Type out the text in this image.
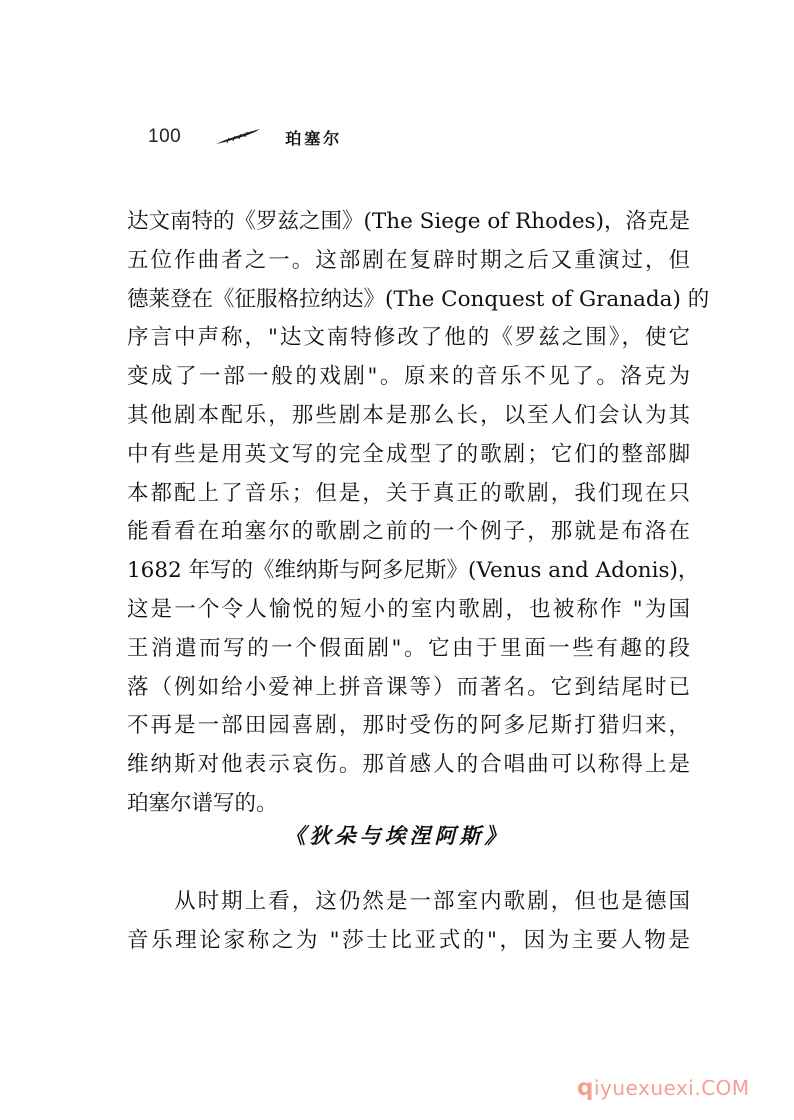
100	珀塞尔
达文南特的《罗兹之围》(The Siege of Rhodes)，洛克是
五位作曲者之一。这部剧在复辟时期之后又重演过，但
德莱登在《征服格拉纳达》(The Conquest of Granada) 的
序言中声称，"达文南特修改了他的《罗兹之围》，使它
变成了一部一般的戏剧"。原来的音乐不见了。洛克为
其他剧本配乐，那些剧本是那么长，以至人们会认为其
中有些是用英文写的完全成型了的歌剧；它们的整部脚
本都配上了音乐；但是，关于真正的歌剧，我们现在只
能看看在珀塞尔的歌剧之前的一个例子，那就是布洛在
1682 年写的《维纳斯与阿多尼斯》(Venus and Adonis)，
这是一个令人愉悦的短小的室内歌剧，也被称作 "为国
王消遣而写的一个假面剧"。它由于里面一些有趣的段
落（例如给小爱神上拼音课等）而著名。它到结尾时已
不再是一部田园喜剧，那时受伤的阿多尼斯打猎归来，
维纳斯对他表示哀伤。那首感人的合唱曲可以称得上是
珀塞尔谱写的。
《狄朵与埃涅阿斯》
　　从时期上看，这仍然是一部室内歌剧，但也是德国
音乐理论家称之为 "莎士比亚式的"，因为主要人物是
qiyuexuexi.COM
